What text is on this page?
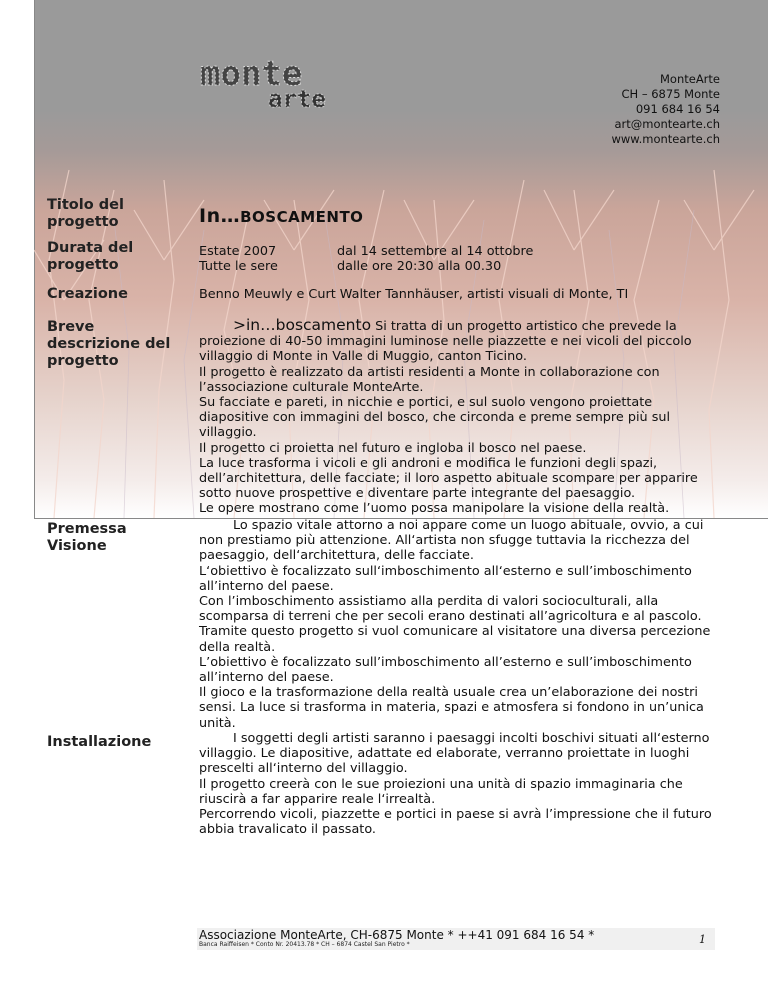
monte
arte
MonteArte
CH – 6875 Monte
091 684 16 54
art@montearte.ch
www.montearte.ch
Titolo del
progetto
Durata del
progetto
Creazione
Breve
descrizione del
progetto
Premessa
Visione
Installazione
In…BOSCAMENTO
Estate 2007
Tutte le sere
dal 14 settembre al 14 ottobre
dalle ore 20:30 alla 00.30
Benno Meuwly e Curt Walter Tannhäuser, artisti visuali di Monte, TI

>in…boscamento Si tratta di un progetto artistico che prevede la proiezione di 40-50 immagini luminose nelle piazzette e nei vicoli del piccolo villaggio di Monte in Valle di Muggio, canton Ticino.

Il progetto è realizzato da artisti residenti a Monte in collaborazione con l’associazione culturale MonteArte.

Su facciate e pareti, in nicchie e portici, e sul suolo vengono proiettate diapositive con immagini del bosco, che circonda e preme sempre più sul villaggio.

Il progetto ci proietta nel futuro e ingloba il bosco nel paese.

La luce trasforma i vicoli e gli androni e modifica le funzioni degli spazi, dell’architettura, delle facciate; il loro aspetto abituale scompare per apparire sotto nuove prospettive e diventare parte integrante del paesaggio.

Le opere mostrano come l’uomo possa manipolare la visione della realtà.

Lo spazio vitale attorno a noi appare come un luogo abituale, ovvio, a cui non prestiamo più attenzione. All‘artista non sfugge tuttavia la ricchezza del paesaggio, dell‘architettura, delle facciate.

L‘obiettivo è focalizzato sull‘imboschimento all‘esterno e sull’imboschimento all’interno del paese.

Con l’imboschimento assistiamo alla perdita di valori socioculturali, alla scomparsa di terreni che per secoli erano destinati all’agricoltura e al pascolo.

Tramite questo progetto si vuol comunicare al visitatore una diversa percezione della realtà.

L’obiettivo è focalizzato sull’imboschimento all’esterno e sull’imboschimento all’interno del paese.

Il gioco e la trasformazione della realtà usuale crea un’elaborazione dei nostri sensi. La luce si trasforma in materia, spazi e atmosfera si fondono in un’unica unità.

I soggetti degli artisti saranno i paesaggi incolti boschivi situati all‘esterno villaggio. Le diapositive, adattate ed elaborate, verranno proiettate in luoghi prescelti all‘interno del villaggio.

Il progetto creerà con le sue proiezioni una unità di spazio immaginaria che riuscirà a far apparire reale l‘irrealtà.

Percorrendo vicoli, piazzette e portici in paese si avrà l’impressione che il futuro abbia travalicato il passato.

Associazione MonteArte, CH-6875 Monte * ++41 091 684 16 54 *
Banca Raiffeisen * Conto Nr. 20413.78 * CH – 6874 Castel San Pietro *	1
